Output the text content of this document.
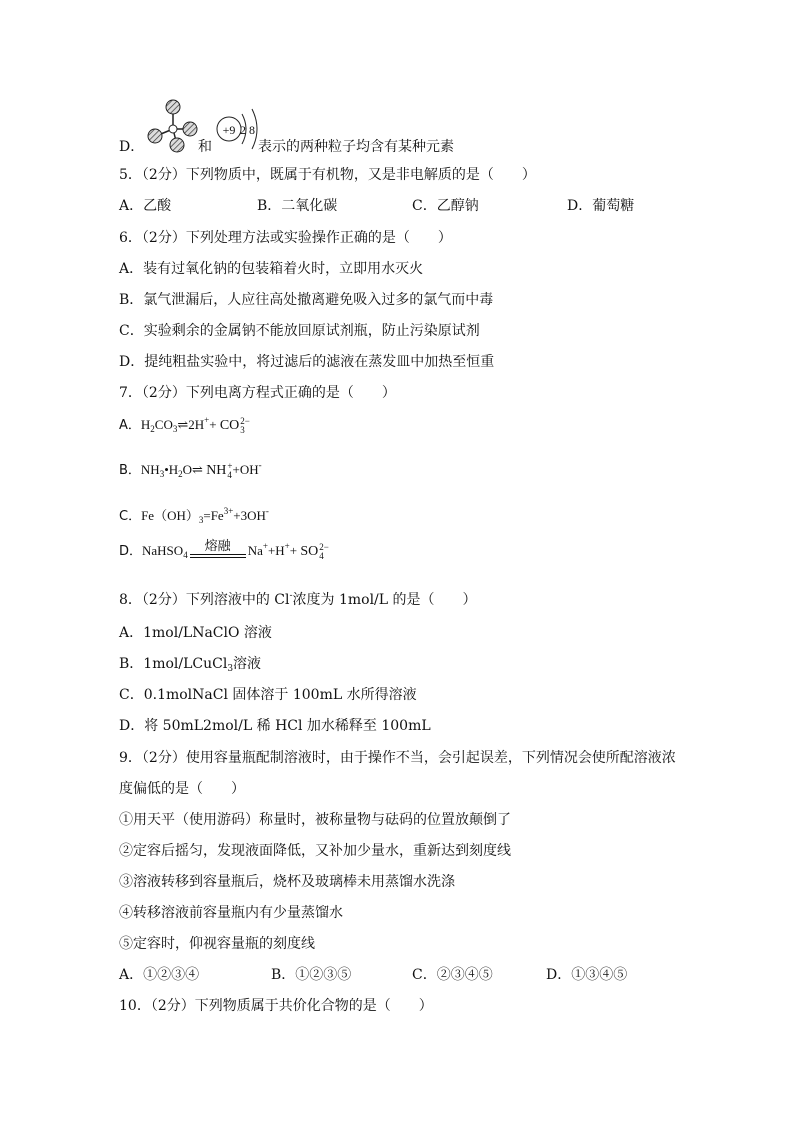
D．	和
+9 2 8
表示的两种粒子均含有某种元素
5．（2分）下列物质中，既属于有机物，又是非电解质的是（　　）
A．乙酸	B．二氧化碳	C．乙醇钠	D．葡萄糖
6．（2分）下列处理方法或实验操作正确的是（　　）
A．装有过氧化钠的包装箱着火时，立即用水灭火
B．氯气泄漏后，人应往高处撤离避免吸入过多的氯气而中毒
C．实验剩余的金属钠不能放回原试剂瓶，防止污染原试剂
D．提纯粗盐实验中，将过滤后的滤液在蒸发皿中加热至恒重
7．（2分）下列电离方程式正确的是（　　）
A．$H_2CO_3\rightleftharpoons 2H^++ CO2-$
3
B．$NH_3•H_2O\rightleftharpoons$ NH+
4+OH-
C．$Fe(OH)_3=Fe^{3+}+3OH^-$
D．NaHSO$_4$
熔融	Na++H++ SO2−
4
8．（2分）下列溶液中的 Cl-浓度为 1mol/L 的是（　　）
A．1mol/LNaClO 溶液
B．1mol/LCuCl$_3$溶液
C．0.1molNaCl 固体溶于 100mL 水所得溶液
D．将 50mL2mol/L 稀 HCl 加水稀释至 100mL
9．（2分）使用容量瓶配制溶液时，由于操作不当，会引起误差，下列情况会使所配溶液浓
度偏低的是（　　）
①用天平（使用游码）称量时，被称量物与砝码的位置放颠倒了
②定容后摇匀，发现液面降低，又补加少量水，重新达到刻度线
③溶液转移到容量瓶后，烧杯及玻璃棒未用蒸馏水洗涤
④转移溶液前容量瓶内有少量蒸馏水
⑤定容时，仰视容量瓶的刻度线
A．①②③④	B．①②③⑤	C．②③④⑤	D．①③④⑤
10．（2分）下列物质属于共价化合物的是（　　）
